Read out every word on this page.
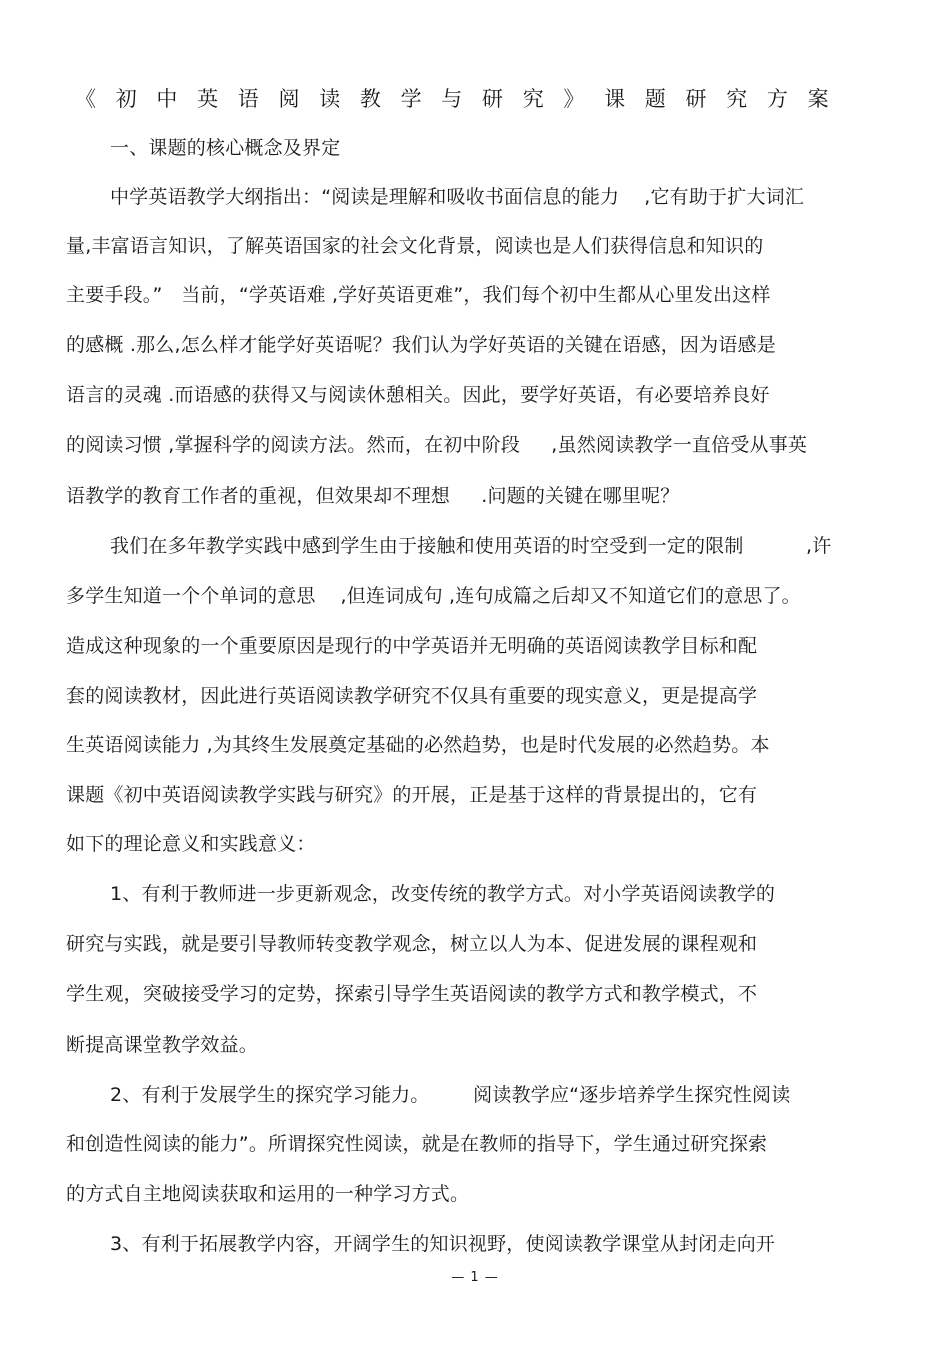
《初中英语阅读教学与研究》课题研究方案
一、课题的核心概念及界定
中学英语教学大纲指出：“阅读是理解和吸收书面信息的能力    ,它有助于扩大词汇
量,丰富语言知识，了解英语国家的社会文化背景，阅读也是人们获得信息和知识的
主要手段。”   当前，“学英语难 ,学好英语更难”，我们每个初中生都从心里发出这样
的感概 .那么,怎么样才能学好英语呢？我们认为学好英语的关键在语感，因为语感是
语言的灵魂 .而语感的获得又与阅读休憩相关。因此，要学好英语，有必要培养良好
的阅读习惯 ,掌握科学的阅读方法。然而，在初中阶段     ,虽然阅读教学一直倍受从事英
语教学的教育工作者的重视，但效果却不理想     .问题的关键在哪里呢？
我们在多年教学实践中感到学生由于接触和使用英语的时空受到一定的限制          ,许
多学生知道一个个单词的意思    ,但连词成句 ,连句成篇之后却又不知道它们的意思了。
造成这种现象的一个重要原因是现行的中学英语并无明确的英语阅读教学目标和配
套的阅读教材，因此进行英语阅读教学研究不仅具有重要的现实意义，更是提高学
生英语阅读能力 ,为其终生发展奠定基础的必然趋势，也是时代发展的必然趋势。本
课题《初中英语阅读教学实践与研究》的开展，正是基于这样的背景提出的，它有
如下的理论意义和实践意义：
1、有利于教师进一步更新观念，改变传统的教学方式。对小学英语阅读教学的
研究与实践，就是要引导教师转变教学观念，树立以人为本、促进发展的课程观和
学生观，突破接受学习的定势，探索引导学生英语阅读的教学方式和教学模式，不
断提高课堂教学效益。
2、有利于发展学生的探究学习能力。       阅读教学应“逐步培养学生探究性阅读
和创造性阅读的能力”。所谓探究性阅读，就是在教师的指导下，学生通过研究探索
的方式自主地阅读获取和运用的一种学习方式。
3、有利于拓展教学内容，开阔学生的知识视野，使阅读教学课堂从封闭走向开
— 1 —
